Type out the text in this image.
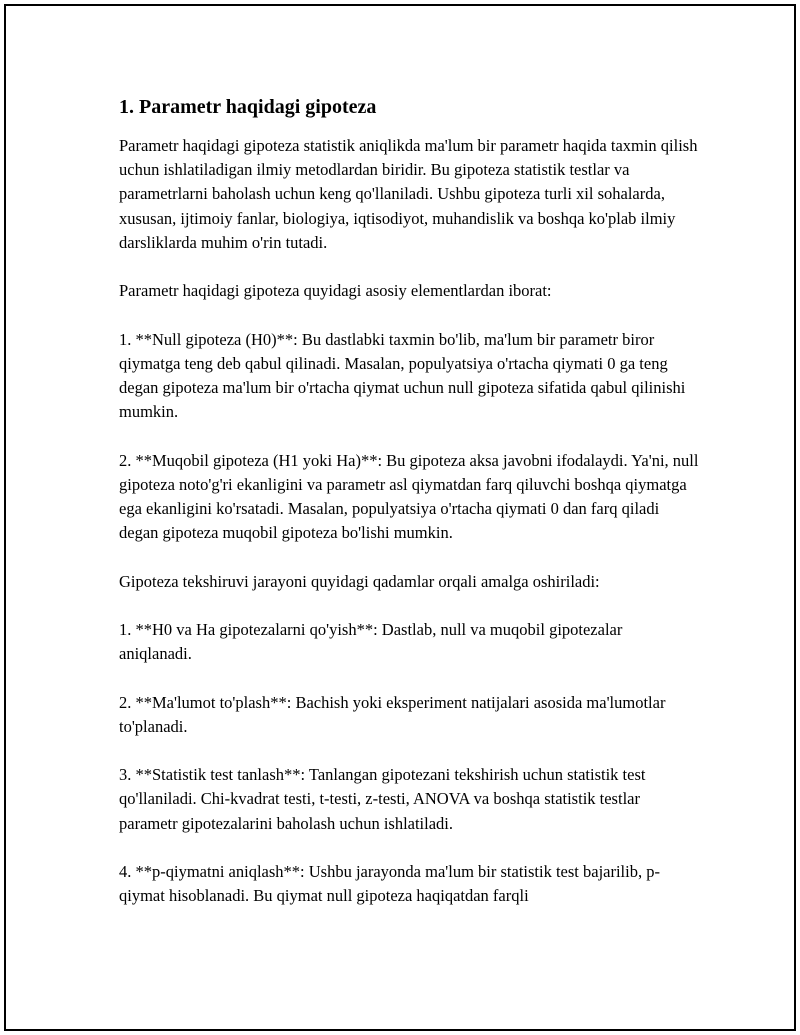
1. Parametr haqidagi gipoteza

Parametr haqidagi gipoteza statistik aniqlikda ma'lum bir parametr haqida taxmin qilish uchun ishlatiladigan ilmiy metodlardan biridir. Bu gipoteza statistik testlar va parametrlarni baholash uchun keng qo'llaniladi. Ushbu gipoteza turli xil sohalarda, xususan, ijtimoiy fanlar, biologiya, iqtisodiyot, muhandislik va boshqa ko'plab ilmiy darsliklarda muhim o'rin tutadi.

Parametr haqidagi gipoteza quyidagi asosiy elementlardan iborat:

1. **Null gipoteza (H0)**: Bu dastlabki taxmin bo'lib, ma'lum bir parametr biror qiymatga teng deb qabul qilinadi. Masalan, populyatsiya o'rtacha qiymati 0 ga teng degan gipoteza ma'lum bir o'rtacha qiymat uchun null gipoteza sifatida qabul qilinishi mumkin.

2. **Muqobil gipoteza (H1 yoki Ha)**: Bu gipoteza aksa javobni ifodalaydi. Ya'ni, null gipoteza noto'g'ri ekanligini va parametr asl qiymatdan farq qiluvchi boshqa qiymatga ega ekanligini ko'rsatadi. Masalan, populyatsiya o'rtacha qiymati 0 dan farq qiladi degan gipoteza muqobil gipoteza bo'lishi mumkin.

Gipoteza tekshiruvi jarayoni quyidagi qadamlar orqali amalga oshiriladi:

1. **H0 va Ha gipotezalarni qo'yish**: Dastlab, null va muqobil gipotezalar aniqlanadi.

2. **Ma'lumot to'plash**: Bachish yoki eksperiment natijalari asosida ma'lumotlar to'planadi.

3. **Statistik test tanlash**: Tanlangan gipotezani tekshirish uchun statistik test qo'llaniladi. Chi-kvadrat testi, t-testi, z-testi, ANOVA va boshqa statistik testlar parametr gipotezalarini baholash uchun ishlatiladi.

4. **p-qiymatni aniqlash**: Ushbu jarayonda ma'lum bir statistik test bajarilib, p-qiymat hisoblanadi. Bu qiymat null gipoteza haqiqatdan farqli
